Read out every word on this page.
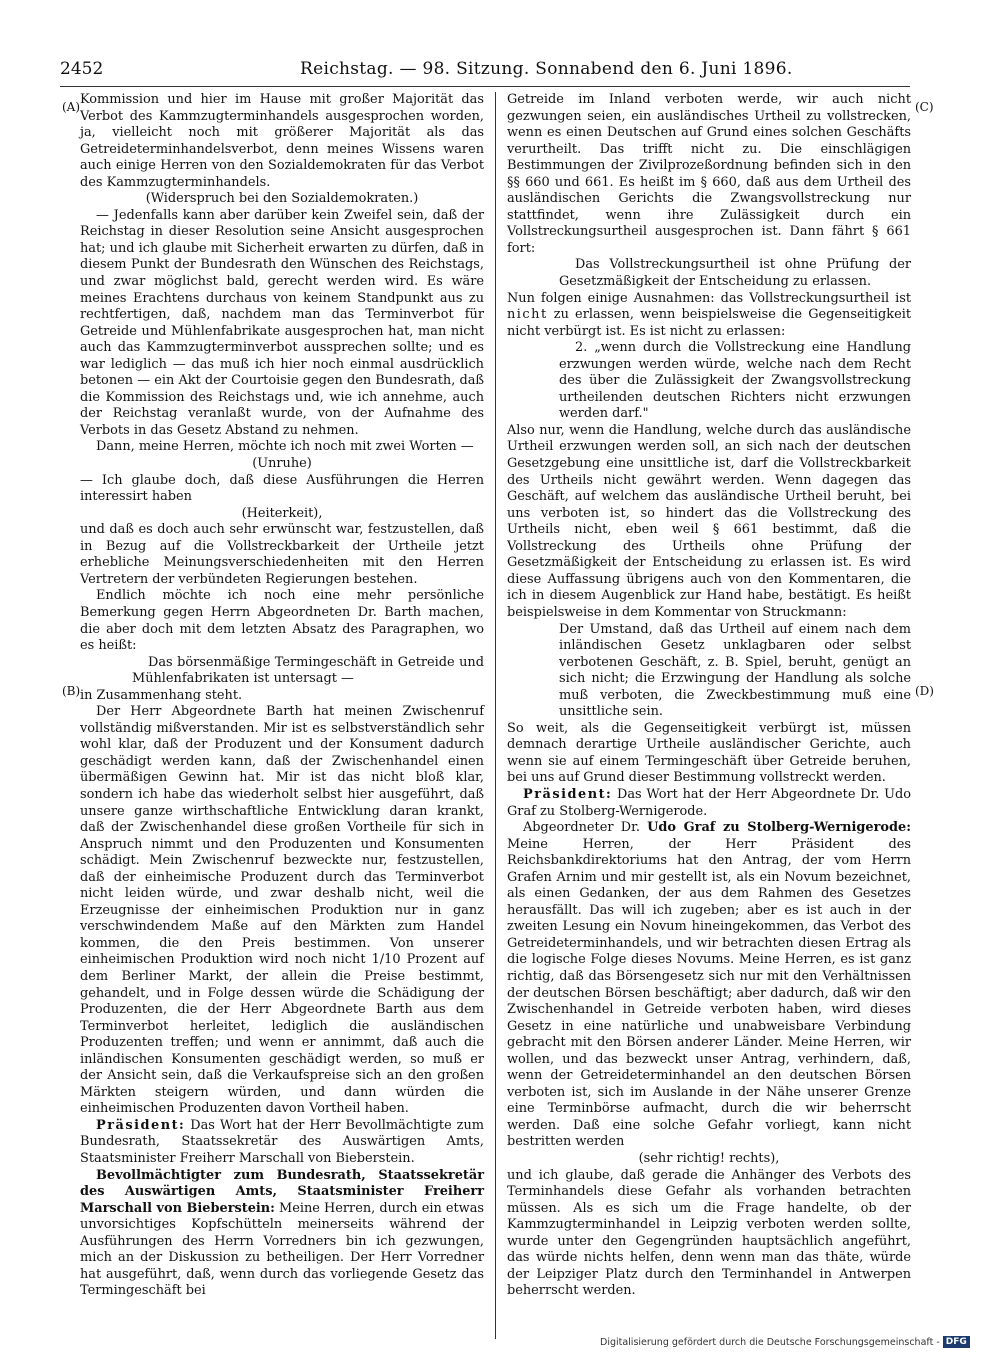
2452	Reichstag. — 98. Sitzung. Sonnabend den 6. Juni 1896.
(A)
(B)
(C)
(D)

Kommission und hier im Hause mit großer Majorität das Verbot des Kammzugterminhandels ausgesprochen worden, ja, vielleicht noch mit größerer Majorität als das Getreideterminhandelsverbot, denn meines Wissens waren auch einige Herren von den Sozialdemokraten für das Verbot des Kammzugterminhandels.

(Widerspruch bei den Sozialdemokraten.)

— Jedenfalls kann aber darüber kein Zweifel sein, daß der Reichstag in dieser Resolution seine Ansicht ausgesprochen hat; und ich glaube mit Sicherheit erwarten zu dürfen, daß in diesem Punkt der Bundesrath den Wünschen des Reichstags, und zwar möglichst bald, gerecht werden wird. Es wäre meines Erachtens durchaus von keinem Standpunkt aus zu rechtfertigen, daß, nachdem man das Terminverbot für Getreide und Mühlenfabrikate ausgesprochen hat, man nicht auch das Kammzugterminverbot aussprechen sollte; und es war lediglich — das muß ich hier noch einmal ausdrücklich betonen — ein Akt der Courtoisie gegen den Bundesrath, daß die Kommission des Reichstags und, wie ich annehme, auch der Reichstag veranlaßt wurde, von der Aufnahme des Verbots in das Gesetz Abstand zu nehmen.

Dann, meine Herren, möchte ich noch mit zwei Worten —

(Unruhe)

— Ich glaube doch, daß diese Ausführungen die Herren interessirt haben

(Heiterkeit),

und daß es doch auch sehr erwünscht war, festzustellen, daß in Bezug auf die Vollstreckbarkeit der Urtheile jetzt erhebliche Meinungsverschiedenheiten mit den Herren Vertretern der verbündeten Regierungen bestehen.

Endlich möchte ich noch eine mehr persönliche Bemerkung gegen Herrn Abgeordneten Dr. Barth machen, die aber doch mit dem letzten Absatz des Paragraphen, wo es heißt:

Das börsenmäßige Termingeschäft in Getreide und Mühlenfabrikaten ist untersagt —

in Zusammenhang steht.

Der Herr Abgeordnete Barth hat meinen Zwischenruf vollständig mißverstanden. Mir ist es selbstverständlich sehr wohl klar, daß der Produzent und der Konsument dadurch geschädigt werden kann, daß der Zwischenhandel einen übermäßigen Gewinn hat. Mir ist das nicht bloß klar, sondern ich habe das wiederholt selbst hier ausgeführt, daß unsere ganze wirthschaftliche Entwicklung daran krankt, daß der Zwischenhandel diese großen Vortheile für sich in Anspruch nimmt und den Produzenten und Konsumenten schädigt. Mein Zwischenruf bezweckte nur, festzustellen, daß der einheimische Produzent durch das Terminverbot nicht leiden würde, und zwar deshalb nicht, weil die Erzeugnisse der einheimischen Produktion nur in ganz verschwindendem Maße auf den Märkten zum Handel kommen, die den Preis bestimmen. Von unserer einheimischen Produktion wird noch nicht 1/10 Prozent auf dem Berliner Markt, der allein die Preise bestimmt, gehandelt, und in Folge dessen würde die Schädigung der Produzenten, die der Herr Abgeordnete Barth aus dem Terminverbot herleitet, lediglich die ausländischen Produzenten treffen; und wenn er annimmt, daß auch die inländischen Konsumenten geschädigt werden, so muß er der Ansicht sein, daß die Verkaufspreise sich an den großen Märkten steigern würden, und dann würden die einheimischen Produzenten davon Vortheil haben.

Präsident: Das Wort hat der Herr Bevollmächtigte zum Bundesrath, Staatssekretär des Auswärtigen Amts, Staatsminister Freiherr Marschall von Bieberstein.

Bevollmächtigter zum Bundesrath, Staatssekretär des Auswärtigen Amts, Staatsminister Freiherr Marschall von Bieberstein: Meine Herren, durch ein etwas unvorsichtiges Kopfschütteln meinerseits während der Ausführungen des Herrn Vorredners bin ich gezwungen, mich an der Diskussion zu betheiligen. Der Herr Vorredner hat ausgeführt, daß, wenn durch das vorliegende Gesetz das Termingeschäft bei

Getreide im Inland verboten werde, wir auch nicht gezwungen seien, ein ausländisches Urtheil zu vollstrecken, wenn es einen Deutschen auf Grund eines solchen Geschäfts verurtheilt. Das trifft nicht zu. Die einschlägigen Bestimmungen der Zivilprozeßordnung befinden sich in den §§ 660 und 661. Es heißt im § 660, daß aus dem Urtheil des ausländischen Gerichts die Zwangsvollstreckung nur stattfindet, wenn ihre Zulässigkeit durch ein Vollstreckungsurtheil ausgesprochen ist. Dann fährt § 661 fort:

Das Vollstreckungsurtheil ist ohne Prüfung der Gesetzmäßigkeit der Entscheidung zu erlassen.

Nun folgen einige Ausnahmen: das Vollstreckungsurtheil ist nicht zu erlassen, wenn beispielsweise die Gegenseitigkeit nicht verbürgt ist. Es ist nicht zu erlassen:

2. „wenn durch die Vollstreckung eine Handlung erzwungen werden würde, welche nach dem Recht des über die Zulässigkeit der Zwangsvollstreckung urtheilenden deutschen Richters nicht erzwungen werden darf."

Also nur, wenn die Handlung, welche durch das ausländische Urtheil erzwungen werden soll, an sich nach der deutschen Gesetzgebung eine unsittliche ist, darf die Vollstreckbarkeit des Urtheils nicht gewährt werden. Wenn dagegen das Geschäft, auf welchem das ausländische Urtheil beruht, bei uns verboten ist, so hindert das die Vollstreckung des Urtheils nicht, eben weil § 661 bestimmt, daß die Vollstreckung des Urtheils ohne Prüfung der Gesetzmäßigkeit der Entscheidung zu erlassen ist. Es wird diese Auffassung übrigens auch von den Kommentaren, die ich in diesem Augenblick zur Hand habe, bestätigt. Es heißt beispielsweise in dem Kommentar von Struckmann:

Der Umstand, daß das Urtheil auf einem nach dem inländischen Gesetz unklagbaren oder selbst verbotenen Geschäft, z. B. Spiel, beruht, genügt an sich nicht; die Erzwingung der Handlung als solche muß verboten, die Zweckbestimmung muß eine unsittliche sein.

So weit, als die Gegenseitigkeit verbürgt ist, müssen demnach derartige Urtheile ausländischer Gerichte, auch wenn sie auf einem Termingeschäft über Getreide beruhen, bei uns auf Grund dieser Bestimmung vollstreckt werden.

Präsident: Das Wort hat der Herr Abgeordnete Dr. Udo Graf zu Stolberg-Wernigerode.

Abgeordneter Dr. Udo Graf zu Stolberg-Wernigerode: Meine Herren, der Herr Präsident des Reichsbankdirektoriums hat den Antrag, der vom Herrn Grafen Arnim und mir gestellt ist, als ein Novum bezeichnet, als einen Gedanken, der aus dem Rahmen des Gesetzes herausfällt. Das will ich zugeben; aber es ist auch in der zweiten Lesung ein Novum hineingekommen, das Verbot des Getreideterminhandels, und wir betrachten diesen Ertrag als die logische Folge dieses Novums. Meine Herren, es ist ganz richtig, daß das Börsengesetz sich nur mit den Verhältnissen der deutschen Börsen beschäftigt; aber dadurch, daß wir den Zwischenhandel in Getreide verboten haben, wird dieses Gesetz in eine natürliche und unabweisbare Verbindung gebracht mit den Börsen anderer Länder. Meine Herren, wir wollen, und das bezweckt unser Antrag, verhindern, daß, wenn der Getreideterminhandel an den deutschen Börsen verboten ist, sich im Auslande in der Nähe unserer Grenze eine Terminbörse aufmacht, durch die wir beherrscht werden. Daß eine solche Gefahr vorliegt, kann nicht bestritten werden

(sehr richtig! rechts),

und ich glaube, daß gerade die Anhänger des Verbots des Terminhandels diese Gefahr als vorhanden betrachten müssen. Als es sich um die Frage handelte, ob der Kammzugterminhandel in Leipzig verboten werden sollte, wurde unter den Gegengründen hauptsächlich angeführt, das würde nichts helfen, denn wenn man das thäte, würde der Leipziger Platz durch den Terminhandel in Antwerpen beherrscht werden.

Digitalisierung gefördert durch die Deutsche Forschungsgemeinschaft - DFG
